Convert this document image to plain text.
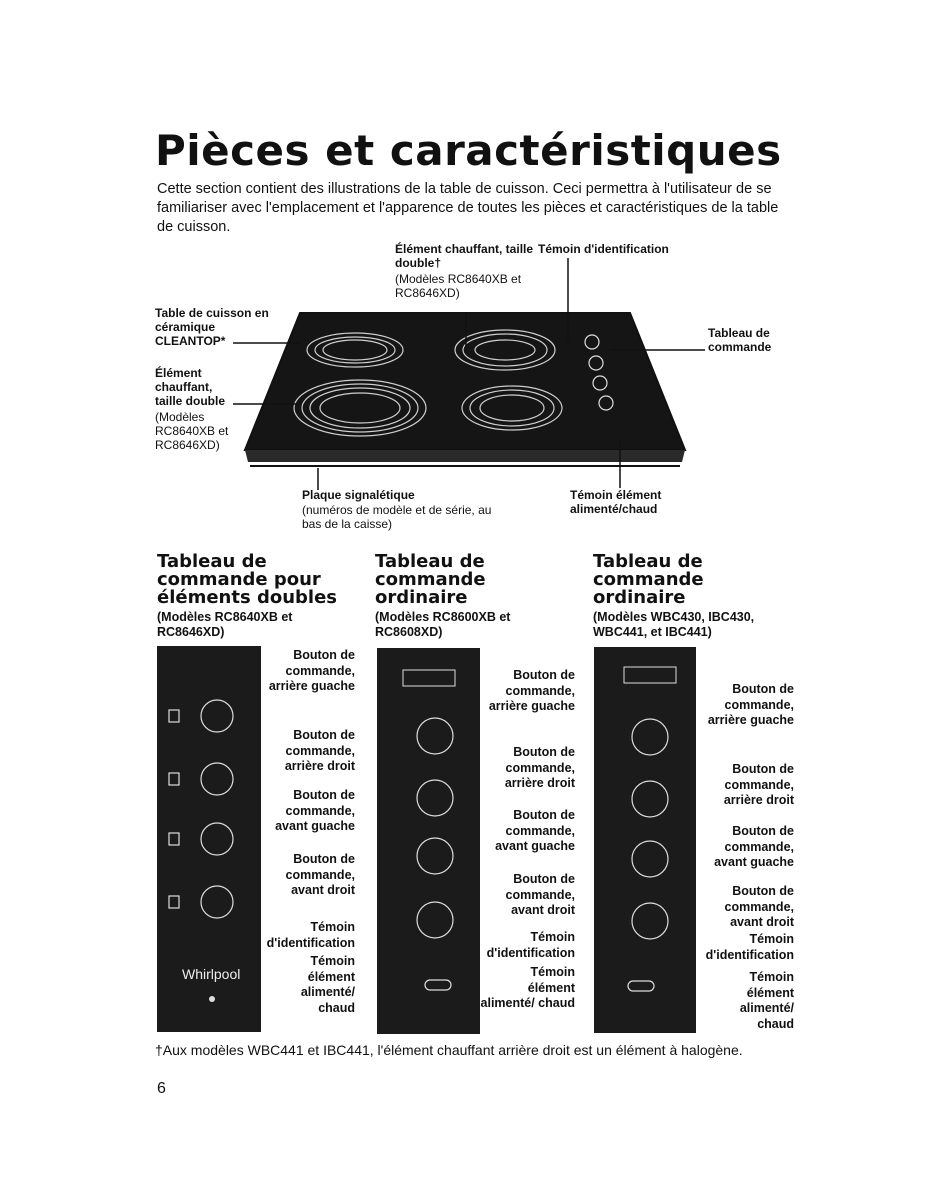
Pièces et caractéristiques
Cette section contient des illustrations de la table de cuisson. Ceci permettra à l'utilisateur de se familiariser avec l'emplacement et l'apparence de toutes les pièces et caractéristiques de la table de cuisson.
Élément chauffant, taille double†
(Modèles RC8640XB et RC8646XD)
Témoin d'identification
Table de cuisson en céramique CLEANTOP*
Élément chauffant, taille double
(Modèles RC8640XB et RC8646XD)
Tableau de commande
Plaque signalétique
(numéros de modèle et de série, au bas de la caisse)
Témoin élément alimenté/chaud
Tableau de commande pour éléments doubles
(Modèles RC8640XB et RC8646XD)
Whirlpool
Bouton de commande, arrière guache
Bouton de commande, arrière droit
Bouton de commande, avant guache
Bouton de commande, avant droit
Témoin d'identification
Témoin élément alimenté/ chaud
Tableau de commande ordinaire
(Modèles RC8600XB et RC8608XD)
Bouton de commande, arrière guache
Bouton de commande, arrière droit
Bouton de commande, avant guache
Bouton de commande, avant droit
Témoin d'identification
Témoin élément alimenté/ chaud
Tableau de commande ordinaire
(Modèles WBC430, IBC430, WBC441, et IBC441)
Bouton de commande, arrière guache
Bouton de commande, arrière droit
Bouton de commande, avant guache
Bouton de commande, avant droit
Témoin d'identification
Témoin élément alimenté/ chaud
†Aux modèles WBC441 et IBC441, l'élément chauffant arrière droit est un élément à halogène.
6
